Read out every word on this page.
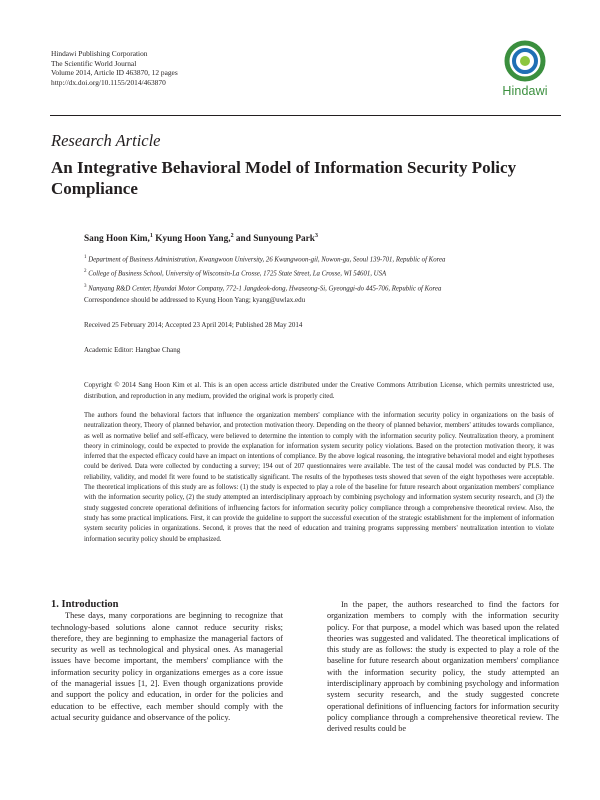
Hindawi Publishing Corporation
The Scientific World Journal
Volume 2014, Article ID 463870, 12 pages
http://dx.doi.org/10.1155/2014/463870
Hindawi
Research Article
An Integrative Behavioral Model of Information Security Policy Compliance
Sang Hoon Kim,$^1$ Kyung Hoon Yang,$^2$ and Sunyoung Park$^3$
$^1$ Department of Business Administration, Kwangwoon University, 26 Kwangwoon-gil, Nowon-gu, Seoul 139-701, Republic of Korea
$^2$ College of Business School, University of Wisconsin-La Crosse, 1725 State Street, La Crosse, WI 54601, USA
$^3$ Namyang R&D Center, Hyundai Motor Company, 772-1 Jangdeok-dong, Hwaseong-Si, Gyeonggi-do 445-706, Republic of Korea
Correspondence should be addressed to Kyung Hoon Yang; kyang@uwlax.edu
Received 25 February 2014; Accepted 23 April 2014; Published 28 May 2014
Academic Editor: Hangbae Chang
Copyright © 2014 Sang Hoon Kim et al. This is an open access article distributed under the Creative Commons Attribution License, which permits unrestricted use, distribution, and reproduction in any medium, provided the original work is properly cited.
The authors found the behavioral factors that influence the organization members' compliance with the information security policy in organizations on the basis of neutralization theory, Theory of planned behavior, and protection motivation theory. Depending on the theory of planned behavior, members' attitudes towards compliance, as well as normative belief and self-efficacy, were believed to determine the intention to comply with the information security policy. Neutralization theory, a prominent theory in criminology, could be expected to provide the explanation for information system security policy violations. Based on the protection motivation theory, it was inferred that the expected efficacy could have an impact on intentions of compliance. By the above logical reasoning, the integrative behavioral model and eight hypotheses could be derived. Data were collected by conducting a survey; 194 out of 207 questionnaires were available. The test of the causal model was conducted by PLS. The reliability, validity, and model fit were found to be statistically significant. The results of the hypotheses tests showed that seven of the eight hypotheses were acceptable. The theoretical implications of this study are as follows: (1) the study is expected to play a role of the baseline for future research about organization members' compliance with the information security policy, (2) the study attempted an interdisciplinary approach by combining psychology and information system security research, and (3) the study suggested concrete operational definitions of influencing factors for information security policy compliance through a comprehensive theoretical review. Also, the study has some practical implications. First, it can provide the guideline to support the successful execution of the strategic establishment for the implement of information system security policies in organizations. Second, it proves that the need of education and training programs suppressing members' neutralization intention to violate information security policy should be emphasized.

1. Introduction

These days, many corporations are beginning to recognize that technology-based solutions alone cannot reduce security risks; therefore, they are beginning to emphasize the managerial factors of security as well as technological and physical ones. As managerial issues have become important, the members' compliance with the information security policy in organizations emerges as a core issue of the managerial issues [1, 2]. Even though organizations provide and support the policy and education, in order for the policies and education to be effective, each member should comply with the actual security guidance and observance of the policy.

In the paper, the authors researched to find the factors for organization members to comply with the information security policy. For that purpose, a model which was based upon the related theories was suggested and validated. The theoretical implications of this study are as follows: the study is expected to play a role of the baseline for future research about organization members' compliance with the information security policy, the study attempted an interdisciplinary approach by combining psychology and information system security research, and the study suggested concrete operational definitions of influencing factors for information security policy compliance through a comprehensive theoretical review. The derived results could be
